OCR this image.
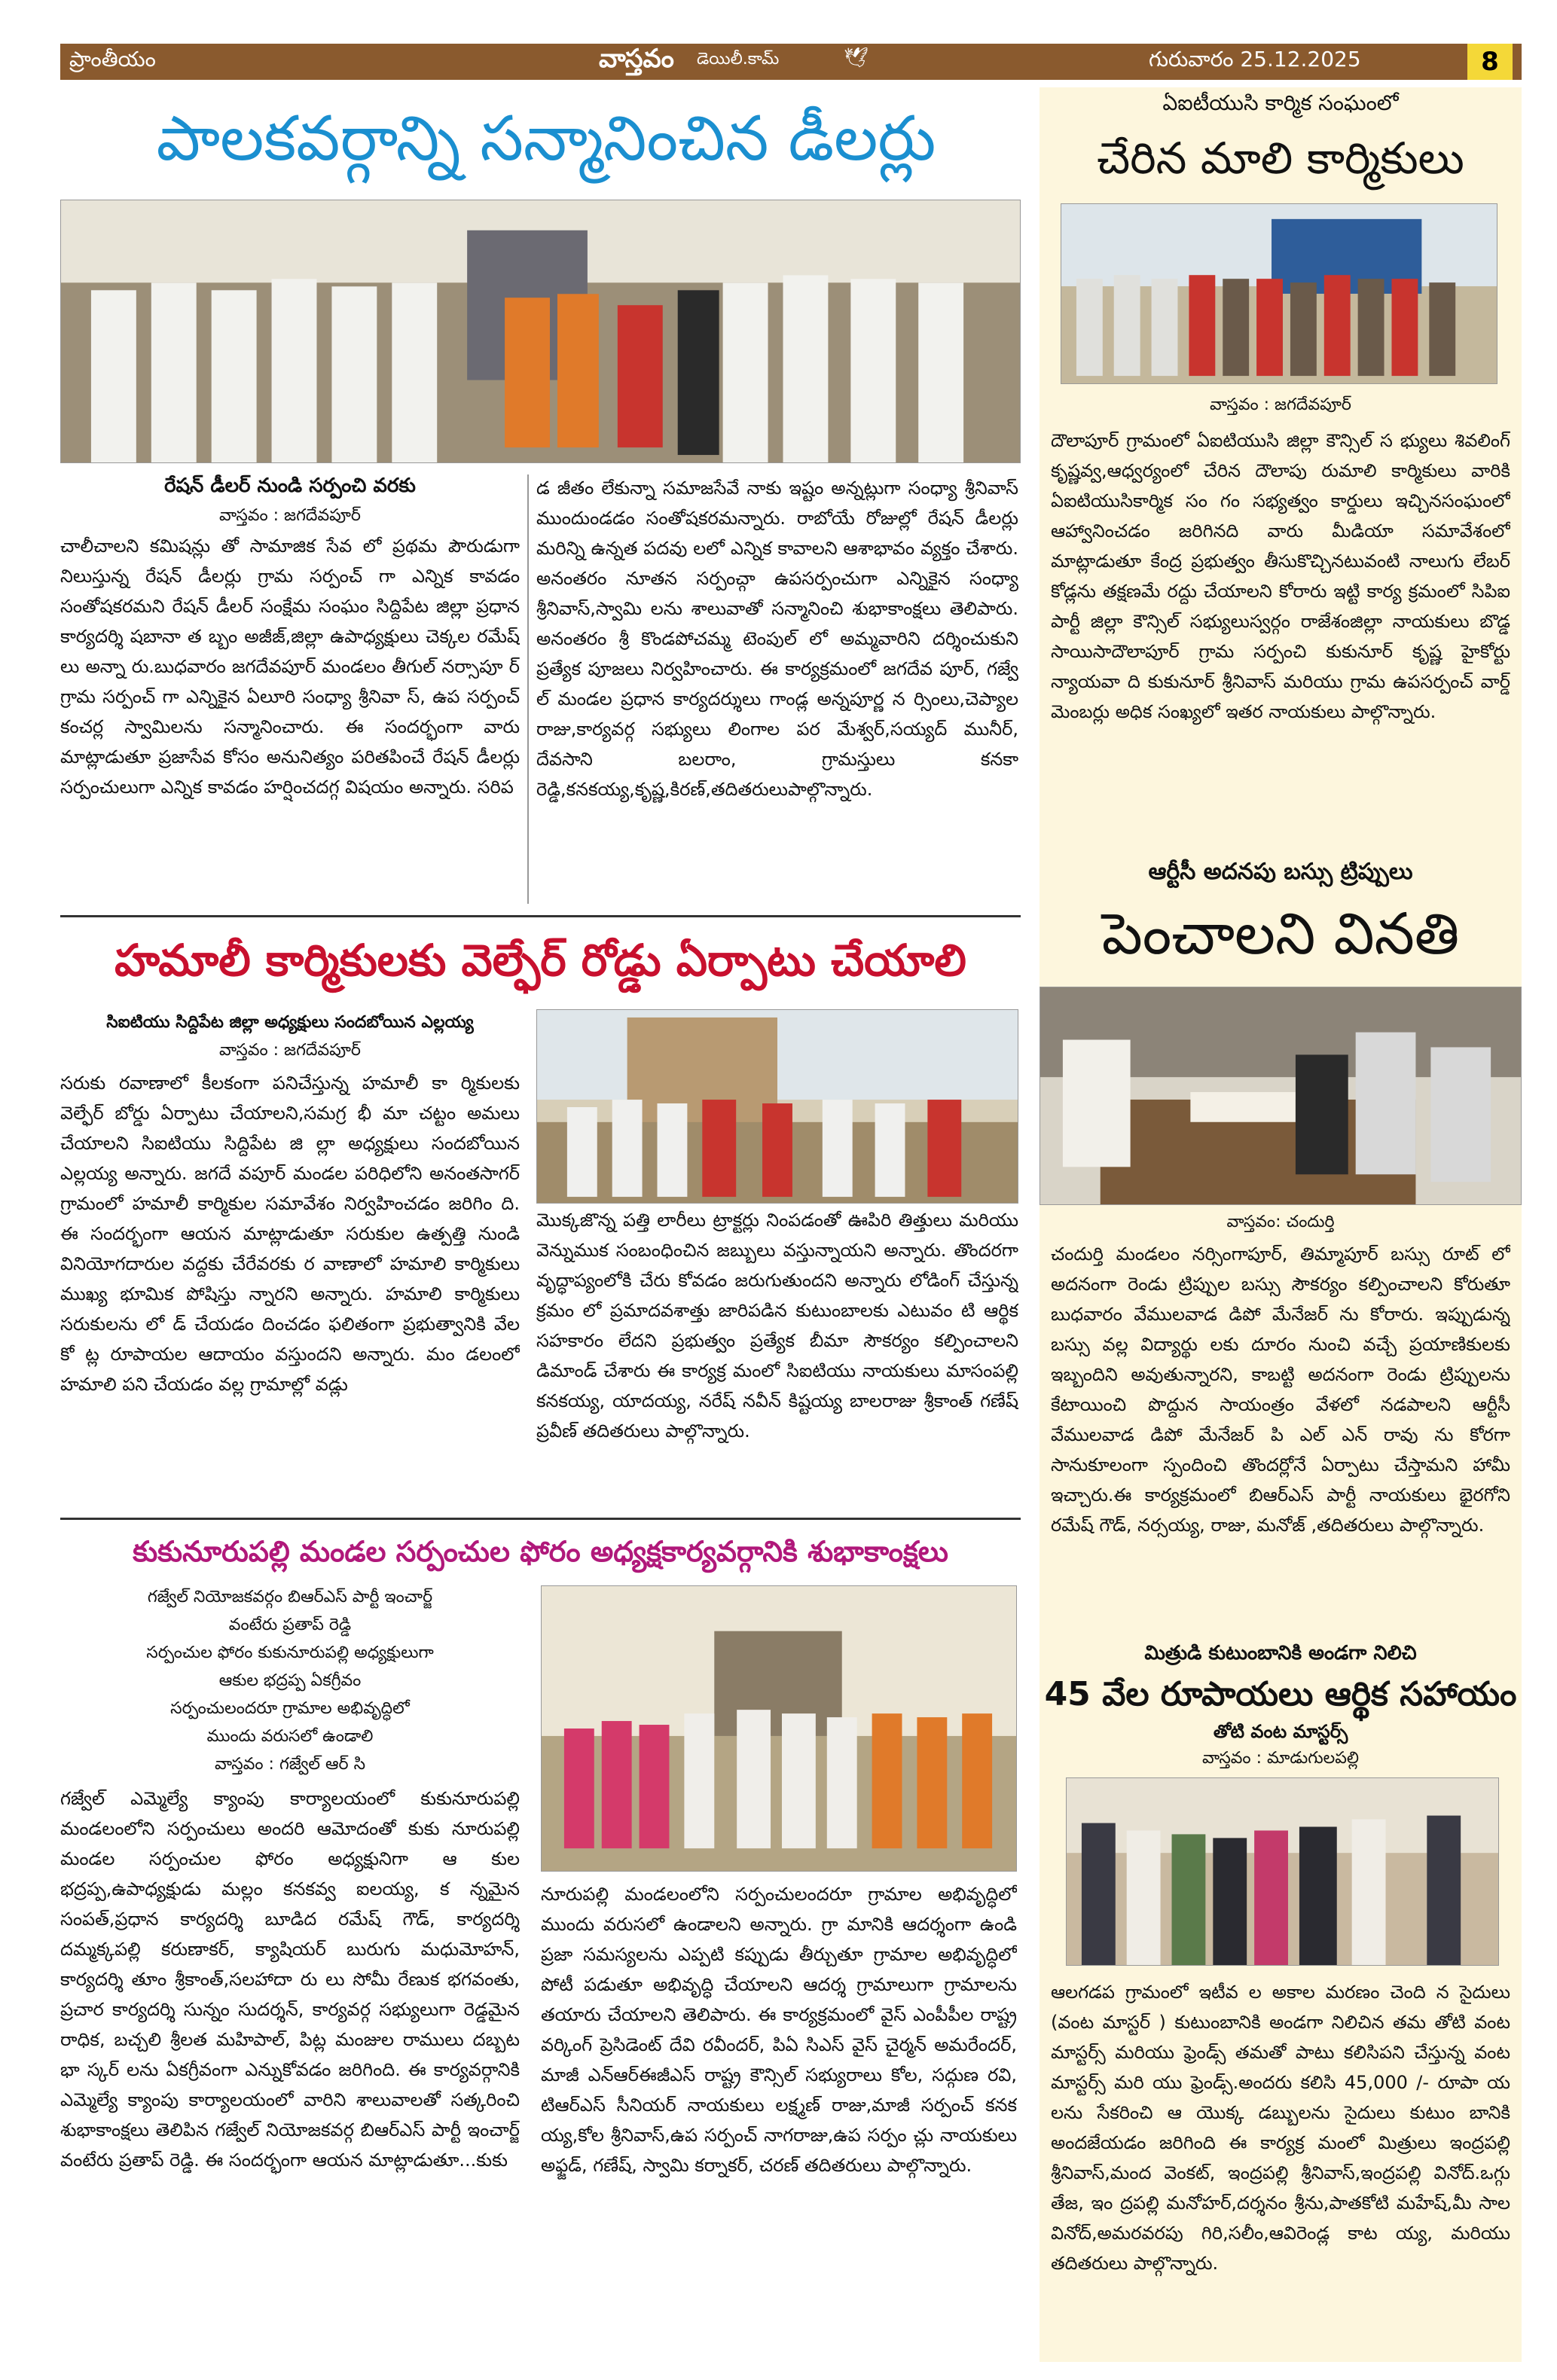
ప్రాంతీయం	వాస్తవం డెయిలీ.కామ్	🕊	గురువారం 25.12.2025	8
పాలకవర్గాన్ని సన్మానించిన డీలర్లు
రేషన్ డీలర్ నుండి సర్పంచి వరకు
వాస్తవం : జగదేవపూర్
చాలీచాలని కమిషన్లు తో సామాజిక సేవ లో ప్రథమ పౌరుడుగా నిలుస్తున్న రేషన్ డీలర్లు గ్రామ సర్పంచ్ గా ఎన్నిక కావడం సంతోషకరమని రేషన్ డీలర్ సంక్షేమ సంఘం సిద్దిపేట జిల్లా ప్రధాన కార్యదర్శి షబానా త బ్బం అజీజ్,జిల్లా ఉపాధ్యక్షులు చెక్కల రమేష్ లు అన్నా రు.బుధవారం జగదేవపూర్ మండలం తీగుల్ నర్సాపూ ర్ గ్రామ సర్పంచ్ గా ఎన్నికైన ఏలూరి సంధ్యా శ్రీనివా స్, ఉప సర్పంచ్ కంచర్ల స్వామిలను సన్మానించారు. ఈ సందర్భంగా వారు మాట్లాడుతూ ప్రజాసేవ కోసం అనునిత్యం పరితపించే రేషన్ డీలర్లు సర్పంచులుగా ఎన్నిక కావడం హర్షించదగ్గ విషయం అన్నారు. సరిప
డ జీతం లేకున్నా సమాజసేవే నాకు ఇష్టం అన్నట్లుగా సంధ్యా శ్రీనివాస్ ముందుండడం సంతోషకరమన్నారు. రాబోయే రోజుల్లో రేషన్ డీలర్లు మరిన్ని ఉన్నత పదవు లలో ఎన్నిక కావాలని ఆశాభావం వ్యక్తం చేశారు. అనంతరం నూతన సర్పంచ్గా ఉపసర్పంచుగా ఎన్నికైన సంధ్యా శ్రీనివాస్,స్వామి లను శాలువాతో సన్మానించి శుభాకాంక్షలు తెలిపారు. అనంతరం శ్రీ కొండపోచమ్మ టెంపుల్ లో అమ్మవారిని దర్శించుకుని ప్రత్యేక పూజలు నిర్వహించారు. ఈ కార్యక్రమంలో జగదేవ పూర్, గజ్వే ల్ మండల ప్రధాన కార్యదర్శులు గాండ్ల అన్నపూర్ణ న ర్సింలు,చెప్యాల రాజు,కార్యవర్గ సభ్యులు లింగాల పర మేశ్వర్,సయ్యద్ మునీర్, దేవసాని బలరాం, గ్రామస్తులు కనకా రెడ్డి,కనకయ్య,కృష్ణ,కిరణ్,తదితరులుపాల్గొన్నారు.
హమాలీ కార్మికులకు వెల్ఫేర్ రోడ్డు ఏర్పాటు చేయాలి
సిఐటియు సిద్దిపేట జిల్లా అధ్యక్షులు సందబోయిన ఎల్లయ్య
వాస్తవం : జగదేవపూర్
సరుకు రవాణాలో కీలకంగా పనిచేస్తున్న హమాలీ కా ర్మికులకు వెల్ఫేర్ బోర్డు ఏర్పాటు చేయాలని,సమగ్ర భీ మా చట్టం అమలు చేయాలని సిఐటియు సిద్దిపేట జి ల్లా అధ్యక్షులు సందబోయిన ఎల్లయ్య అన్నారు. జగదే వపూర్ మండల పరిధిలోని అనంతసాగర్ గ్రామంలో హమాలీ కార్మికుల సమావేశం నిర్వహించడం జరిగిం ది. ఈ సందర్భంగా ఆయన మాట్లాడుతూ సరుకుల ఉత్పత్తి నుండి వినియోగదారుల వద్దకు చేరేవరకు ర వాణాలో హమాలి కార్మికులు ముఖ్య భూమిక పోషిస్తు న్నారని అన్నారు. హమాలి కార్మికులు సరుకులను లో డ్ చేయడం దించడం ఫలితంగా ప్రభుత్వానికి వేల కో ట్ల రూపాయల ఆదాయం వస్తుందని అన్నారు. మం డలంలో హమాలి పని చేయడం వల్ల గ్రామాల్లో వడ్లు
మొక్కజొన్న పత్తి లారీలు ట్రాక్టర్లు నింపడంతో ఊపిరి తిత్తులు మరియు వెన్నుముక సంబంధించిన జబ్బులు వస్తున్నాయని అన్నారు. తొందరగా వృద్ధాప్యంలోకి చేరు కోవడం జరుగుతుందని అన్నారు లోడింగ్ చేస్తున్న క్రమం లో ప్రమాదవశాత్తు జారిపడిన కుటుంబాలకు ఎటువం టి ఆర్థిక సహకారం లేదని ప్రభుత్వం ప్రత్యేక బీమా సౌకర్యం కల్పించాలని డిమాండ్ చేశారు ఈ కార్యక్ర మంలో సిఐటియు నాయకులు మాసంపల్లి కనకయ్య, యాదయ్య, నరేష్ నవీన్ కిష్టయ్య బాలరాజు శ్రీకాంత్ గణేష్ ప్రవీణ్ తదితరులు పాల్గొన్నారు.
కుకునూరుపల్లి మండల సర్పంచుల ఫోరం అధ్యక్షకార్యవర్గానికి శుభాకాంక్షలు
గజ్వేల్ నియోజకవర్గం బిఆర్ఎస్ పార్టీ ఇంచార్జ్
వంటేరు ప్రతాప్ రెడ్డి
సర్పంచుల ఫోరం కుకునూరుపల్లి అధ్యక్షులుగా
ఆకుల భద్రప్ప ఏకగ్రీవం
సర్పంచులందరూ గ్రామాల అభివృద్ధిలో
ముందు వరుసలో ఉండాలి
వాస్తవం : గజ్వేల్ ఆర్ సి
గజ్వేల్ ఎమ్మెల్యే క్యాంపు కార్యాలయంలో కుకునూరుపల్లి మండలంలోని సర్పంచులు అందరి ఆమోదంతో కుకు నూరుపల్లి మండల సర్పంచుల ఫోరం అధ్యక్షునిగా ఆ కుల భద్రప్ప,ఉపాధ్యక్షుడు మల్లం కనకవ్వ ఐలయ్య, క న్నమైన సంపత్,ప్రధాన కార్యదర్శి బూడిద రమేష్ గౌడ్, కార్యదర్శి దమ్మక్కపల్లి కరుణాకర్, క్యాషియర్ బురుగు మధుమోహన్, కార్యదర్శి తూం శ్రీకాంత్,సలహాదా రు లు సోమీ రేణుక భగవంతు, ప్రచార కార్యదర్శి సున్నం సుదర్శన్, కార్యవర్గ సభ్యులుగా రెడ్డమైన రాధిక, బచ్చలి శ్రీలత మహిపాల్, పిట్ల మంజుల రాములు దబ్బట భా స్కర్ లను ఏకగ్రీవంగా ఎన్నుకోవడం జరిగింది. ఈ కార్యవర్గానికి ఎమ్మెల్యే క్యాంపు కార్యాలయంలో వారిని శాలువాలతో సత్కరించి శుభాకాంక్షలు తెలిపిన గజ్వేల్ నియోజకవర్గ బిఆర్ఎస్ పార్టీ ఇంచార్జ్ వంటేరు ప్రతాప్ రెడ్డి. ఈ సందర్భంగా ఆయన మాట్లాడుతూ...కుకు
నూరుపల్లి మండలంలోని సర్పంచులందరూ గ్రామాల అభివృద్ధిలో ముందు వరుసలో ఉండాలని అన్నారు. గ్రా మానికి ఆదర్శంగా ఉండి ప్రజా సమస్యలను ఎప్పటి కప్పుడు తీర్చుతూ గ్రామాల అభివృద్ధిలో పోటీ పడుతూ అభివృద్ధి చేయాలని ఆదర్శ గ్రామాలుగా గ్రామాలను తయారు చేయాలని తెలిపారు. ఈ కార్యక్రమంలో వైస్ ఎంపీపీల రాష్ట్ర వర్కింగ్ ప్రెసిడెంట్ దేవి రవీందర్, పిఏ సిఎస్ వైస్ చైర్మన్ అమరేందర్, మాజీ ఎన్ఆర్ఈజీఎస్ రాష్ట్ర కౌన్సిల్ సభ్యురాలు కోల, సద్గుణ రవి, టిఆర్ఎస్ సీనియర్ నాయకులు లక్ష్మణ్ రాజు,మాజీ సర్పంచ్ కనక య్య,కోల శ్రీనివాస్,ఉప సర్పంచ్ నాగరాజు,ఉప సర్పం చ్లు నాయకులు అఫ్జడ్, గణేష్, స్వామి కర్నాకర్, చరణ్ తదితరులు పాల్గొన్నారు.
ఏఐటీయుసి కార్మిక సంఘంలో
చేరిన మాలి కార్మికులు
వాస్తవం : జగదేవపూర్
దౌలాపూర్ గ్రామంలో ఏఐటియుసి జిల్లా కౌన్సిల్ స భ్యులు శివలింగ్ కృష్ణవ్వ,ఆధ్వర్యంలో చేరిన దౌలాపు రుమాలి కార్మికులు వారికి ఏఐటియుసికార్మిక సం గం సభ్యత్వం కార్డులు ఇచ్చినసంఘంలో ఆహ్వానించడం జరిగినది వారు మీడియా సమావేశంలో మాట్లాడుతూ కేంద్ర ప్రభుత్వం తీసుకొచ్చినటువంటి నాలుగు లేబర్ కోడ్లను తక్షణమే రద్దు చేయాలని కోరారు ఇట్టి కార్య క్రమంలో సిపిఐ పార్టీ జిల్లా కౌన్సిల్ సభ్యులుస్వర్గం రాజేశంజిల్లా నాయకులు బొడ్డ సాయిసాదౌలాపూర్ గ్రామ సర్పంచి కుకునూర్ కృష్ణ హైకోర్టు న్యాయవా ది కుకునూర్ శ్రీనివాస్ మరియు గ్రామ ఉపసర్పంచ్ వార్డ్ మెంబర్లు అధిక సంఖ్యలో ఇతర నాయకులు పాల్గొన్నారు.
ఆర్టీసీ అదనపు బస్సు ట్రిప్పులు
పెంచాలని వినతి
వాస్తవం: చందుర్తి
చందుర్తి మండలం నర్సింగాపూర్, తిమ్మాపూర్ బస్సు రూట్ లో అదనంగా రెండు ట్రిప్పుల బస్సు సౌకర్యం కల్పించాలని కోరుతూ బుధవారం వేములవాడ డిపో మేనేజర్ ను కోరారు. ఇప్పుడున్న బస్సు వల్ల విద్యార్థు లకు దూరం నుంచి వచ్చే ప్రయాణికులకు ఇబ్బందిని అవుతున్నారని, కాబట్టి అదనంగా రెండు ట్రిప్పులను కేటాయించి పొద్దున సాయంత్రం వేళలో నడపాలని ఆర్టీసీ వేములవాడ డిపో మేనేజర్ పి ఎల్ ఎన్ రావు ను కోరగా సానుకూలంగా స్పందించి తొందర్లోనే ఏర్పాటు చేస్తామని హామీ ఇచ్చారు.ఈ కార్యక్రమంలో బిఆర్ఎస్ పార్టీ నాయకులు భైరగోని రమేష్ గౌడ్, నర్సయ్య, రాజు, మనోజ్ ,తదితరులు పాల్గొన్నారు.
మిత్రుడి కుటుంబానికి అండగా నిలిచి
45 వేల రూపాయలు ఆర్థిక సహాయం
తోటి వంట మాస్టర్స్
వాస్తవం : మాడుగులపల్లి
ఆలగడప గ్రామంలో ఇటీవ ల అకాల మరణం చెంది న సైదులు (వంట మాస్టర్ ) కుటుంబానికి అండగా నిలిచిన తమ తోటి వంట మాస్టర్స్ మరియు ఫ్రెండ్స్ తమతో పాటు కలిసిపని చేస్తున్న వంట మాస్టర్స్ మరి యు ఫ్రెండ్స్.అందరు కలిసి 45,000 /- రూపా య లను సేకరించి ఆ యొక్క డబ్బులను సైదులు కుటుం బానికి అందజేయడం జరిగింది ఈ కార్యక్ర మంలో మిత్రులు ఇంద్రపల్లి శ్రీనివాస్,మంద వెంకట్, ఇంద్రపల్లి శ్రీనివాస్,ఇంద్రపల్లి వినోద్.ఒగ్గు తేజ, ఇం ద్రపల్లి మనోహర్,దర్శనం శ్రీను,పాతకోటి మహేష్,మీ సాల వినోద్,అమరవరపు గిరి,సలీం,ఆవిరెండ్ల కాట య్య, మరియు తదితరులు పాల్గొన్నారు.
